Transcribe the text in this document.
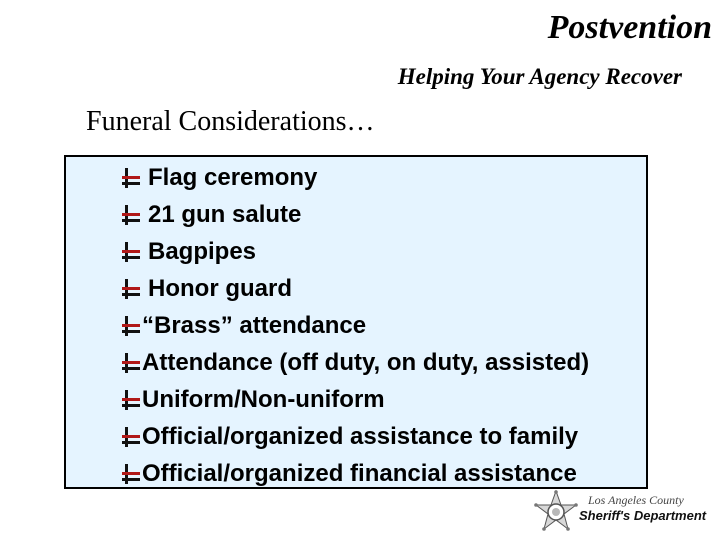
Postvention
Helping Your Agency Recover
Funeral Considerations…
Flag ceremony
21 gun salute
Bagpipes
Honor guard
“Brass” attendance
Attendance (off duty, on duty, assisted)
Uniform/Non-uniform
Official/organized assistance to family
Official/organized financial assistance
Los Angeles County
Sheriff's Department
